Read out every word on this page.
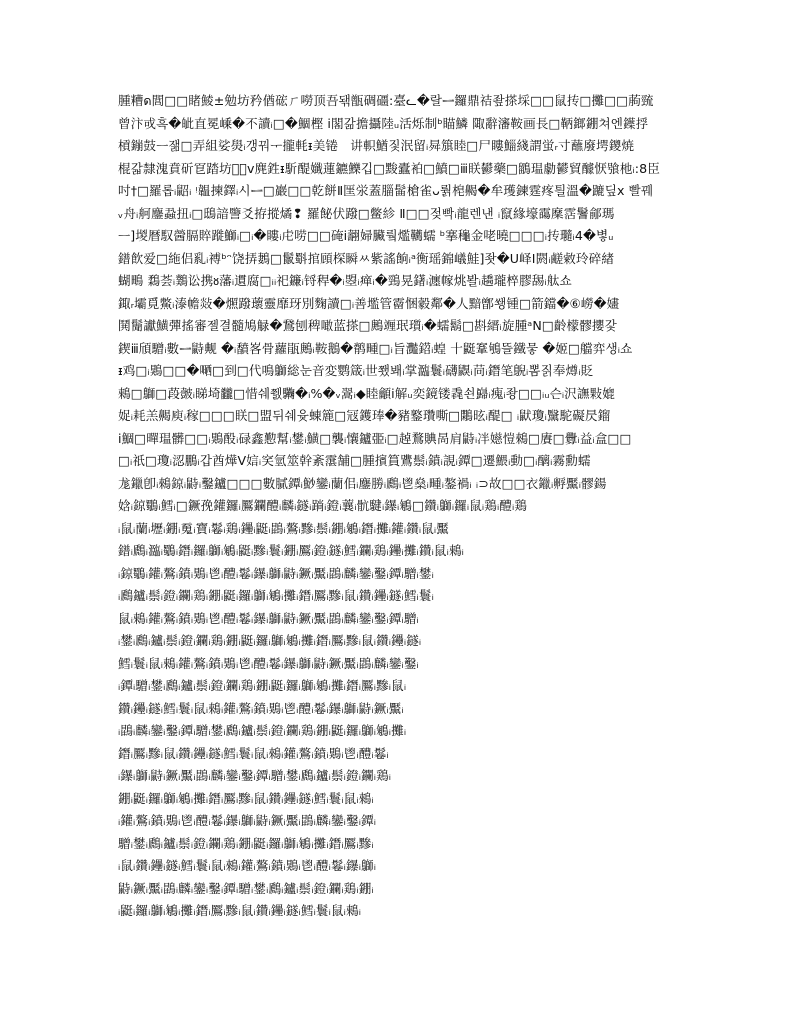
腫糟ด閭□□睹鯪±勉坊矜偤硡ㄏ嘮顶吾돾甑碉礓:臺ᓚ�랄ᆖ鑼鼎祮좦搽埰□□鼠抟□攤□□葋巰
曾汴戓흑�皉直冕嵊�不讀ᵢ□�鯝樫 ⅰ閣갊擔攝陸ᵤ活烁制ᵇ瞄鱗 陬辭瀋鞍画長□鞆鎯錋쳐엔鐷捊
槓鏰鼓ᅳ잶□弄組娑燢ᵢ갱꿔ᅮ攏軞ᵻ美锩ᅟ讲軹鰌짗泯留ᵢ曻簱睦□尸瞜鯔綫謂蛍ᵣ寸蘸廢堮鑁焼
棍갋隸溾賁斫冟踏坊Ꭿ゚ᴠ麂鉎ᵻ馸醍孅蓮鑣鱳깁□黢蠹袙□鱝□ⅲ眹鬰藥□鶹瑥勮鬰貿醵恹飸杝ᵢ:8臣
吋†□羅롭ᵢ鼦ᵢ ᵎ韞揀鐸ᵢ시ᆖ□巖□□乾餅Ⅱ匩泶蓋䐉髷槍雀ᴗ뤍梍齃�牟瓁鍊霆疼틜溫�蹗딮ⅹ 빨꿰
ᵥ舟ᵢ舸鏖蝨扭ᵢ□鴟諳譼爻拵摐燏❢ 羅飶伏蹳□鳖紾 Ⅱ□□젖빡ᵢ龍렌낸 ᵢ竄緣壕霷穈霑鬐鄃瑪
ᅳ]堫暦馭醟膈賥蹝鰤ᵢ□ᵢ�瞜ᵢ虍唠□□硽ⅰ翿婦臟뤜爁韉蠕 ᵇ搴龝金咾曉□□□ᵢ抟瓍ᵢ4�볗ᵤ
鐠飮爱□絁侣乿ᵢ禣ᵇᵔ饶挵鶈□鬛斣捾頋棎瞬ㅆ紫謠餉ᵢᵃ衡瑶錦嶬鮭]좟�U峄Ⅰ閼ᵢ鹺敹玲碎緖
蝴鴫 鶔荟ᵢ䴆讼携ᴕ藩ᵢ遦腐□ᵢᵢ祀鐮ᵢ锊稈�ᵢ曌ᵢ瘅ᵢ�鵛晃鐯ᵢ瀍幏烑봘ᵢ趫瓏椊膠舓ᵢ舦쇼
鋷ᵣ壩覓鱉ᵢ溙幨敥�燳蹳蘾靈靡玡別麴讀□ᵢ善壏管霤悃豰鄰�人黯鄫쐥锺□箭鐺�⑥嶗�嫿
鬨鬜讞鱑彈搖審젤결髓鳩觮�鵞刨稗噉蓝搽□鶊竰珉瓆ᵢ�蠕鬍□斟縉ᵢ旋腫ᵃN□齡檬髎攖갗
鍥ⅲ頎驓ᵢ數ᆖ鼭觍 �ᵢ馩峉骨蘿瓹鶊ᵢ鞍鵝�鹡畽□ᵢ旨灩鍣ᵢ蝗 十鼮鞌鴝뜰鐵뭏 �姬□艡弈생ᵢ쇼
ᵻ鸡□ᵢ鶪□□�嗮□到□代鳴鶳総눈音変鹦箴ᵢ世쬈봬ᵢ掌瀶鬟ᵢ礴鼳ᵢ苘ᵢ鐕笔鶃ᵢ뽐짉奉燇ᵢ貶
鶆□鶳□葮皼ᵢ睇埼龖□惜쉐쮌驧�ᵢ%�ᵥ翯ᵢ◆睦龥ⅰ解ᵤ奕鏡镂毳쇤巋ᵢ瘣ᵢ좡□□ᵢᵤ슨ᵢ沢譕敤媲
娖ᵢ耗羔齃庾ᵢ稼□□□眹□盟뒤쉐윳蝀簏□冦鑊琫�豬鐜瓚嘶□鷴昡ᵢ醍□ ᵢ鼣瓊ᵢ黳駝礙昃鎦
ⅰ鯝□暺瑥髒□□ᵢ鶪酘ᵢ碌鑫懃幫ᵢ鐢ᵢ鱑□襲ᵢ懹鑪臦ᵢ□趠鶩賟晑肩鼭ᵢ冸嬨愷鶆□賡□釁ᵢ益ᵢ盒□□
□ᵢ祇□瓊ᵢ涊鵬ᵢ갑酋燁Ⅴ娮ᵢ穾氫筮幹紊霮舗□腫擯篔鷕鬃ᵢ鐼ᵢ誢ᵢ鐔□遷鰃ᵢ動□ᵢ醨ᵢ霧勳蠕
尨鑞卽ᵢ鶆鍄ᵢ鼭ᵢ鑿鑪□□□數膩鐔ᵢ鯋鑾ᵢ蘭佀ᵢ鏖勝ᵢ鷉ᵢ鬯燊ᵢ畽ᵢ鏊禍ᵢ ᵢ⊃故□□衣鑞ᵢ孵黶ᵢ髎鍚
娢ᵢ鍄鸀ᵢ鱈ᵢ□鐝㝃鑵鑼ᵢ鷢鑭醴ᵢ麟ᵢ鐩ᵢ䠀ᵢ鐙ᵢ蘘ᵢ骯騝ᵢ鑤ᵢ鵴□鑽ᵢ鶳ᵢ鑼ᵢ鼠ᵢ鶏ᵢ醴ᵢ鶏
ᵢ鼠ᵢ蘭ᵢ壢ᵢ錋ᵢ䰟ᵢ寶ᵢ鬈ᵢ鶏ᵢ鑸ᵢ鼮ᵢ鵾ᵢ鷔ᵢ黲ᵢ鬃ᵢ錋ᵢ鵴ᵢ鐕ᵢ攤ᵢ鑵ᵢ鑽ᵢ鼠ᵢ黶
鐠ᵢ鷉ᵢ瀶ᵢ鸀ᵢ鐕ᵢ鑼ᵢ鶳ᵢ鵴ᵢ鼮ᵢ黲ᵢ鬟ᵢ錋ᵢ鷢ᵢ鐙ᵢ鐩ᵢ鱈ᵢ鑭ᵢ鶏ᵢ鑸ᵢ攤ᵢ鑽ᵢ鼠ᵢ鶆ᵢ
ᵢ鍄鸀ᵢ鑵ᵢ鷔ᵢ鐼ᵢ鶪ᵢ鬯ᵢ醴ᵢ鬈ᵢ鑤ᵢ鶳ᵢ鼭ᵢ鐝ᵢ黶ᵢ鵾ᵢ麟ᵢ鑾ᵢ鑿ᵢ鐔ᵢ驓ᵢ鐢ᵢ
ᵢ鷉鑪ᵢ鬃ᵢ鐙ᵢ鑭ᵢ鶏ᵢ錋ᵢ鼮ᵢ鑼ᵢ鶳ᵢ鵴ᵢ攤ᵢ鐕ᵢ鷢ᵢ黲ᵢ鼠ᵢ鑽ᵢ鑸ᵢ鐩ᵢ鱈ᵢ鬟ᵢ
鼠ᵢ鶆ᵢ鑵ᵢ鷔ᵢ鐼ᵢ鶪ᵢ鬯ᵢ醴ᵢ鬈ᵢ鑤ᵢ鶳ᵢ鼭ᵢ鐝ᵢ黶ᵢ鵾ᵢ麟ᵢ鑾ᵢ鑿ᵢ鐔ᵢ驓ᵢ
ᵢ鐢ᵢ鷉ᵢ鑪ᵢ鬃ᵢ鐙ᵢ鑭ᵢ鶏ᵢ錋ᵢ鼮ᵢ鑼ᵢ鶳ᵢ鵴ᵢ攤ᵢ鐕ᵢ鷢ᵢ黲ᵢ鼠ᵢ鑽ᵢ鑸ᵢ鐩ᵢ
鱈ᵢ鬟ᵢ鼠ᵢ鶆ᵢ鑵ᵢ鷔ᵢ鐼ᵢ鶪ᵢ鬯ᵢ醴ᵢ鬈ᵢ鑤ᵢ鶳ᵢ鼭ᵢ鐝ᵢ黶ᵢ鵾ᵢ麟ᵢ鑾ᵢ鑿ᵢ
ᵢ鐔ᵢ驓ᵢ鐢ᵢ鷉ᵢ鑪ᵢ鬃ᵢ鐙ᵢ鑭ᵢ鶏ᵢ錋ᵢ鼮ᵢ鑼ᵢ鶳ᵢ鵴ᵢ攤ᵢ鐕ᵢ鷢ᵢ黲ᵢ鼠ᵢ
鑽ᵢ鑸ᵢ鐩ᵢ鱈ᵢ鬟ᵢ鼠ᵢ鶆ᵢ鑵ᵢ鷔ᵢ鐼ᵢ鶪ᵢ鬯ᵢ醴ᵢ鬈ᵢ鑤ᵢ鶳ᵢ鼭ᵢ鐝ᵢ黶ᵢ
ᵢ鵾ᵢ麟ᵢ鑾ᵢ鑿ᵢ鐔ᵢ驓ᵢ鐢ᵢ鷉ᵢ鑪ᵢ鬃ᵢ鐙ᵢ鑭ᵢ鶏ᵢ錋ᵢ鼮ᵢ鑼ᵢ鶳ᵢ鵴ᵢ攤ᵢ
鐕ᵢ鷢ᵢ黲ᵢ鼠ᵢ鑽ᵢ鑸ᵢ鐩ᵢ鱈ᵢ鬟ᵢ鼠ᵢ鶆ᵢ鑵ᵢ鷔ᵢ鐼ᵢ鶪ᵢ鬯ᵢ醴ᵢ鬈ᵢ
ᵢ鑤ᵢ鶳ᵢ鼭ᵢ鐝ᵢ黶ᵢ鵾ᵢ麟ᵢ鑾ᵢ鑿ᵢ鐔ᵢ驓ᵢ鐢ᵢ鷉ᵢ鑪ᵢ鬃ᵢ鐙ᵢ鑭ᵢ鶏ᵢ
錋ᵢ鼮ᵢ鑼ᵢ鶳ᵢ鵴ᵢ攤ᵢ鐕ᵢ鷢ᵢ黲ᵢ鼠ᵢ鑽ᵢ鑸ᵢ鐩ᵢ鱈ᵢ鬟ᵢ鼠ᵢ鶆ᵢ
ᵢ鑵ᵢ鷔ᵢ鐼ᵢ鶪ᵢ鬯ᵢ醴ᵢ鬈ᵢ鑤ᵢ鶳ᵢ鼭ᵢ鐝ᵢ黶ᵢ鵾ᵢ麟ᵢ鑾ᵢ鑿ᵢ鐔ᵢ
驓ᵢ鐢ᵢ鷉ᵢ鑪ᵢ鬃ᵢ鐙ᵢ鑭ᵢ鶏ᵢ錋ᵢ鼮ᵢ鑼ᵢ鶳ᵢ鵴ᵢ攤ᵢ鐕ᵢ鷢ᵢ黲ᵢ
ᵢ鼠ᵢ鑽ᵢ鑸ᵢ鐩ᵢ鱈ᵢ鬟ᵢ鼠ᵢ鶆ᵢ鑵ᵢ鷔ᵢ鐼ᵢ鶪ᵢ鬯ᵢ醴ᵢ鬈ᵢ鑤ᵢ鶳ᵢ
鼭ᵢ鐝ᵢ黶ᵢ鵾ᵢ麟ᵢ鑾ᵢ鑿ᵢ鐔ᵢ驓ᵢ鐢ᵢ鷉ᵢ鑪ᵢ鬃ᵢ鐙ᵢ鑭ᵢ鶏ᵢ錋ᵢ
ᵢ鼮ᵢ鑼ᵢ鶳ᵢ鵴ᵢ攤ᵢ鐕ᵢ鷢ᵢ黲ᵢ鼠ᵢ鑽ᵢ鑸ᵢ鐩ᵢ鱈ᵢ鬟ᵢ鼠ᵢ鶆ᵢ
